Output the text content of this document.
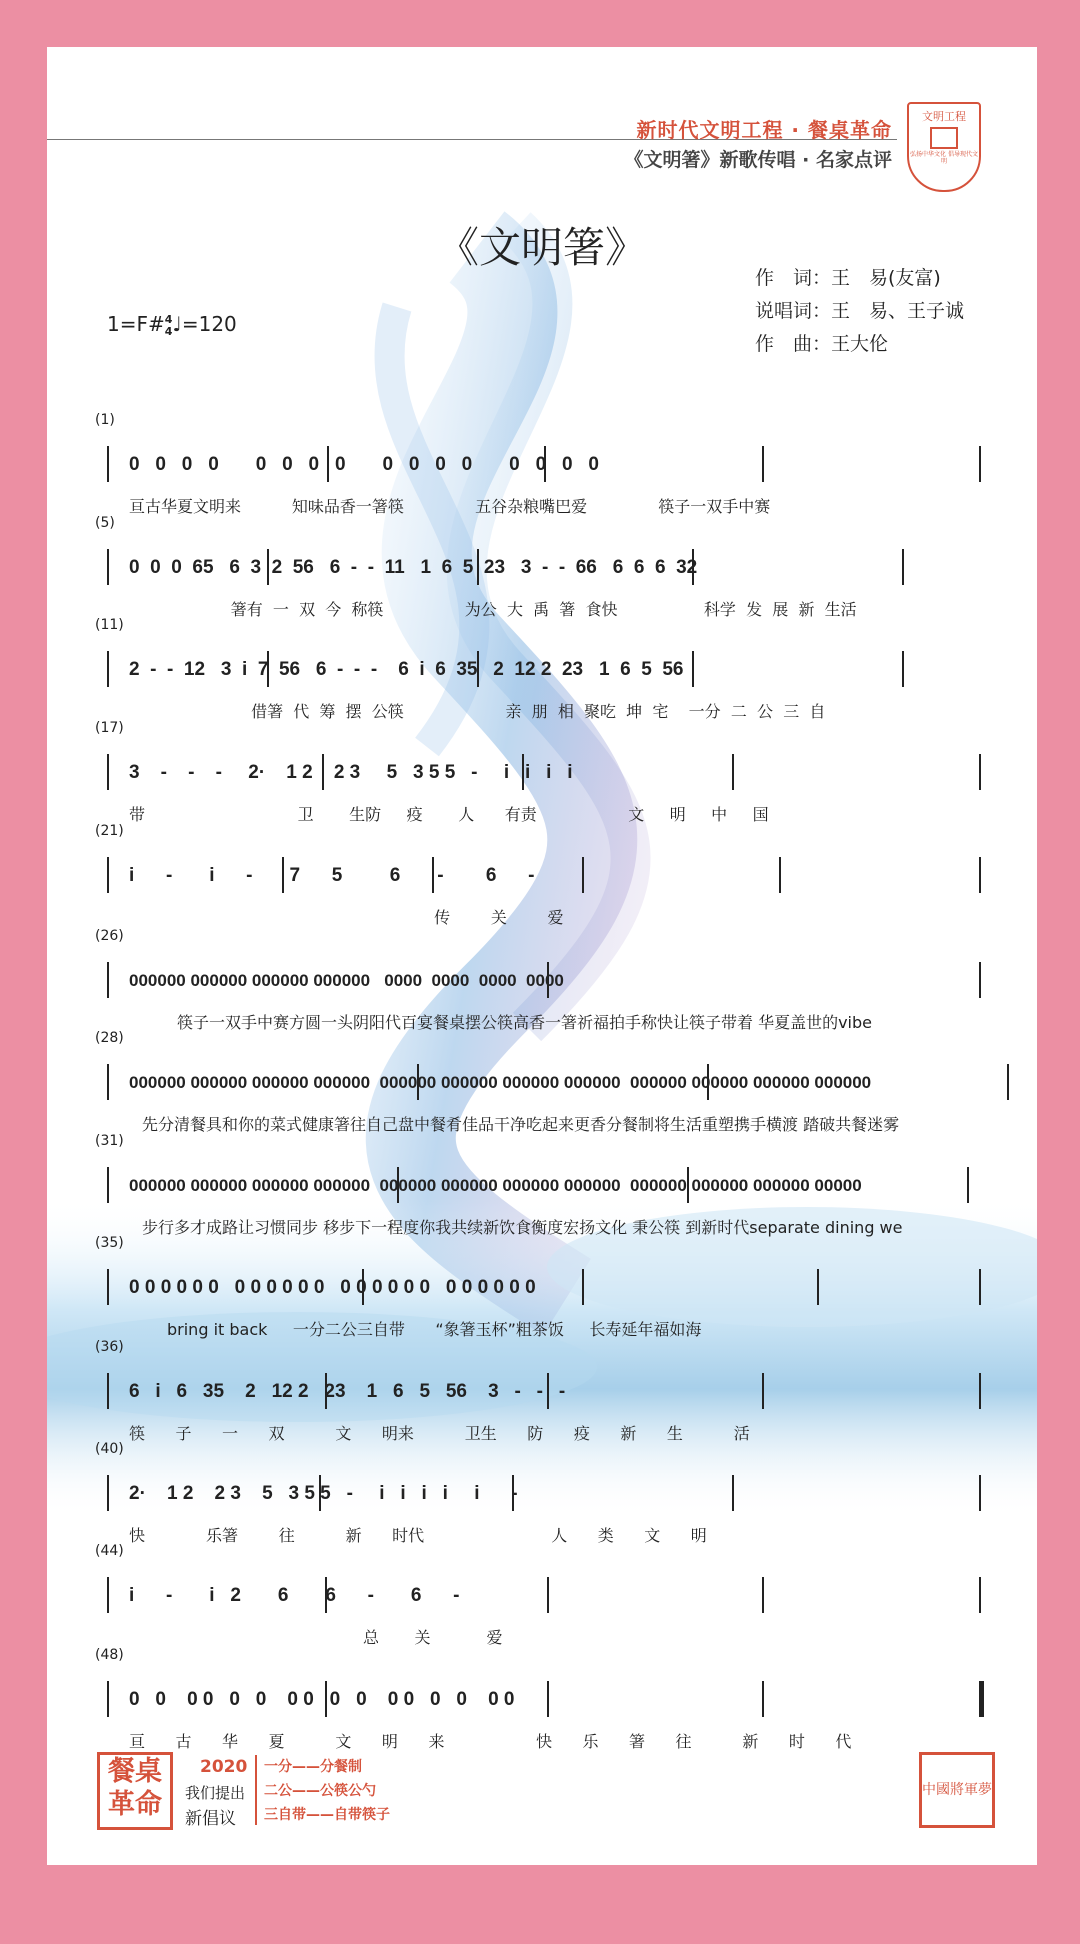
新时代文明工程 · 餐桌革命
《文明箸》新歌传唱 · 名家点评
文明工程
弘扬中华文化 倡导现代文明
《文明箸》
作　词：王　易(友富)
说唱词：王　易、王子诚
作　曲：王大伦
1=F#4
4♩=120
(1)
0   0   0   0       0   0   0   0       0   0   0   0       0   0   0   0
亘古华夏文明来          知味品香一箸筷              五谷杂粮嘴巴爱              筷子一双手中赛
(5)
0  0  0  65   6  3  2  56   6  -  -  11   1  6  5  23   3  -  -  66   6  6  6  32
箸有  一  双  今  称筷                为公  大  禹  箸  食快                 科学  发  展  新  生活
(11)
2  -  -  12   3  i  7  56   6  -  -  -    6  i  6  35   2  12 2  23   1  6  5  56
借箸  代  筹  摆  公筷                    亲  朋  相  聚吃  坤  宅    一分  二  公  三  自
(17)
3    -    -    -     2·    1 2    2 3     5   3 5 5   -     i   i   i   i
带                              卫       生防     疫       人      有责                  文     明     中     国
(21)
i      -       i      -       7      5         6       -        6      -
传        关        爱
(26)
000000 000000 000000 000000   0000  0000  0000  0000
筷子一双手中赛方圆一头阴阳代百宴餐桌摆公筷高香一箸祈福拍手称快让筷子带着 华夏盖世的vibe
(28)
000000 000000 000000 000000  000000 000000 000000 000000  000000 000000 000000 000000
先分清餐具和你的菜式健康箸往自己盘中餐肴佳品干净吃起来更香分餐制将生活重塑携手横渡 踏破共餐迷雾
(31)
000000 000000 000000 000000  000000 000000 000000 000000  000000 000000 000000 00000
步行多才成路让习惯同步 移步下一程度你我共续新饮食衡度宏扬文化 秉公筷 到新时代separate dining we
(35)
0 0 0 0 0 0   0 0 0 0 0 0   0 0 0 0 0 0   0 0 0 0 0 0
bring it back     一分二公三自带      “象箸玉杯”粗茶饭     长寿延年福如海
(36)
6   i   6   35    2   12 2   23    1   6   5   56    3   -   -   -
筷      子      一      双          文      明来          卫生      防      疫      新      生          活
(40)
2·    1 2    2 3    5   3 5 5   -     i   i   i   i     i      -
快            乐箸        往          新      时代                         人      类      文      明
(44)
i      -       i   2       6       6      -       6      -
总       关           爱
(48)
0   0    0 0   0   0    0 0   0   0    0 0   0   0    0 0
亘      古      华      夏          文      明      来                  快      乐      箸      往          新      时      代
餐桌
革命
2020
我们提出
新倡议
一分——分餐制
二公——公筷公勺
三自带——自带筷子
中國將軍夢
